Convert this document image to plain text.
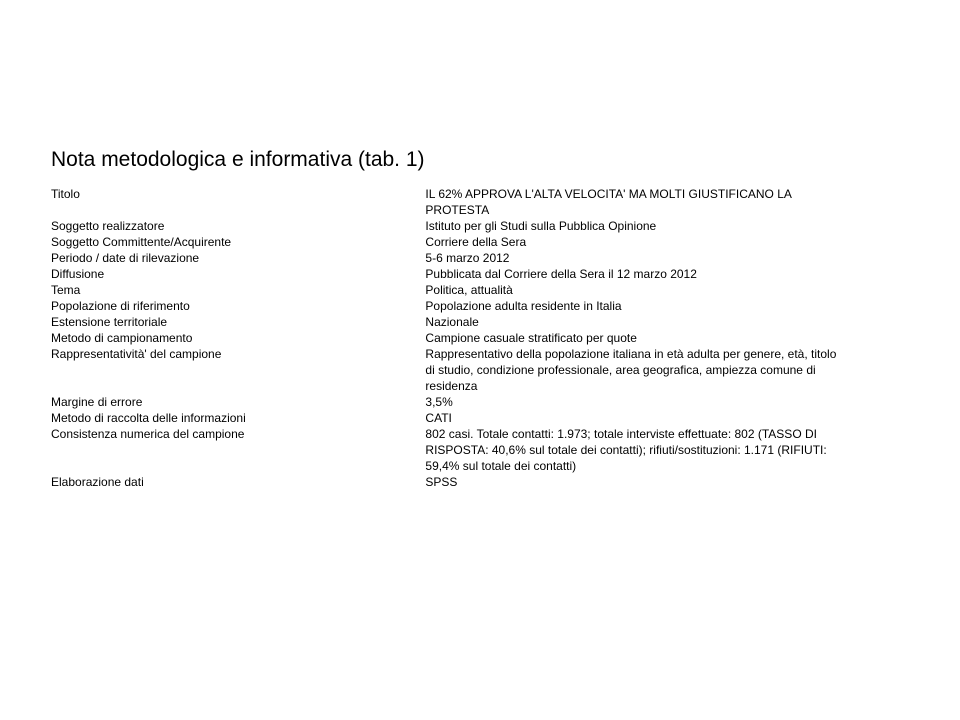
Nota metodologica e informativa (tab. 1)
Titolo	IL 62% APPROVA L'ALTA VELOCITA' MA MOLTI GIUSTIFICANO LA
PROTESTA

Soggetto realizzatore	Istituto per gli Studi sulla Pubblica Opinione

Soggetto Committente/Acquirente	Corriere della Sera

Periodo / date di rilevazione	5-6 marzo 2012

Diffusione	Pubblicata dal Corriere della Sera il 12 marzo 2012

Tema	Politica, attualità

Popolazione di riferimento	Popolazione adulta residente in Italia

Estensione territoriale	Nazionale

Metodo di campionamento	Campione casuale stratificato per quote

Rappresentatività' del campione	Rappresentativo della popolazione italiana in età adulta per genere, età, titolo
di studio, condizione professionale, area geografica, ampiezza comune di
residenza

Margine di errore	3,5%

Metodo di raccolta delle informazioni	CATI

Consistenza numerica del campione	802 casi. Totale contatti: 1.973; totale interviste effettuate: 802 (TASSO DI
RISPOSTA: 40,6% sul totale dei contatti); rifiuti/sostituzioni: 1.171 (RIFIUTI:
59,4% sul totale dei contatti)

Elaborazione dati	SPSS
